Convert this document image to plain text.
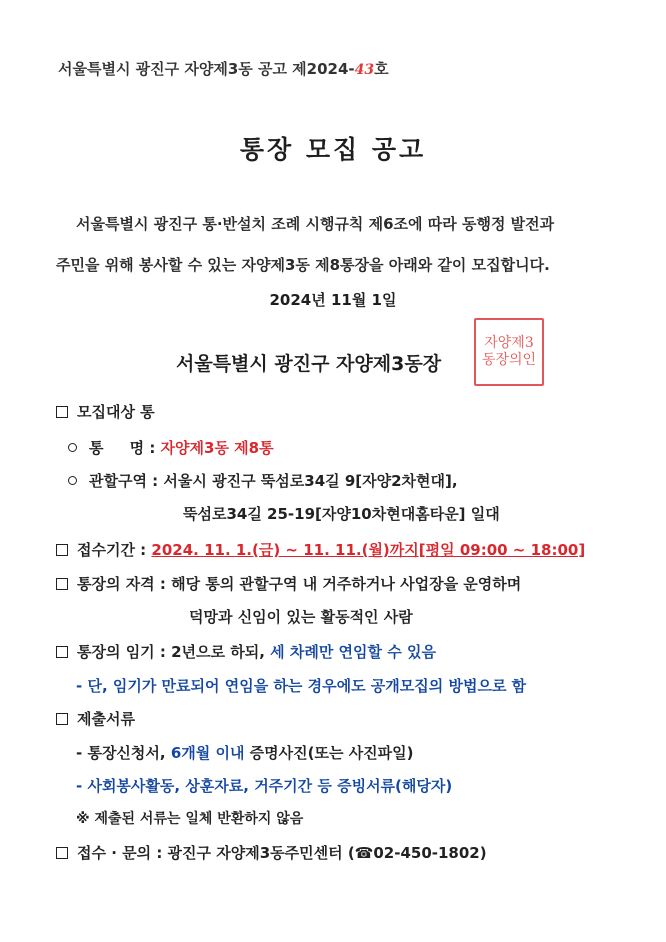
서울특별시 광진구 자양제3동 공고 제2024-43호
통장 모집 공고
서울특별시 광진구 통·반설치 조례 시행규칙 제6조에 따라 동행정 발전과
주민을 위해 봉사할 수 있는 자양제3동 제8통장을 아래와 같이 모집합니다.
2024년 11월 1일
서울특별시 광진구 자양제3동장
자양제3
동장의인
모집대상 통
통     명 : 자양제3동 제8통
관할구역 : 서울시 광진구 뚝섬로34길 9[자양2차현대],
뚝섬로34길 25-19[자양10차현대홈타운] 일대
접수기간 : 2024. 11. 1.(금) ~ 11. 11.(월)까지[평일 09:00 ~ 18:00]
통장의 자격 : 해당 통의 관할구역 내 거주하거나 사업장을 운영하며
덕망과 신임이 있는 활동적인 사람
통장의 임기 : 2년으로 하되, 세 차례만 연임할 수 있음
- 단, 임기가 만료되어 연임을 하는 경우에도 공개모집의 방법으로 함
제출서류
- 통장신청서, 6개월 이내 증명사진(또는 사진파일)
- 사회봉사활동, 상훈자료, 거주기간 등 증빙서류(해당자)
※ 제출된 서류는 일체 반환하지 않음
접수 · 문의 : 광진구 자양제3동주민센터 (☎02-450-1802)
